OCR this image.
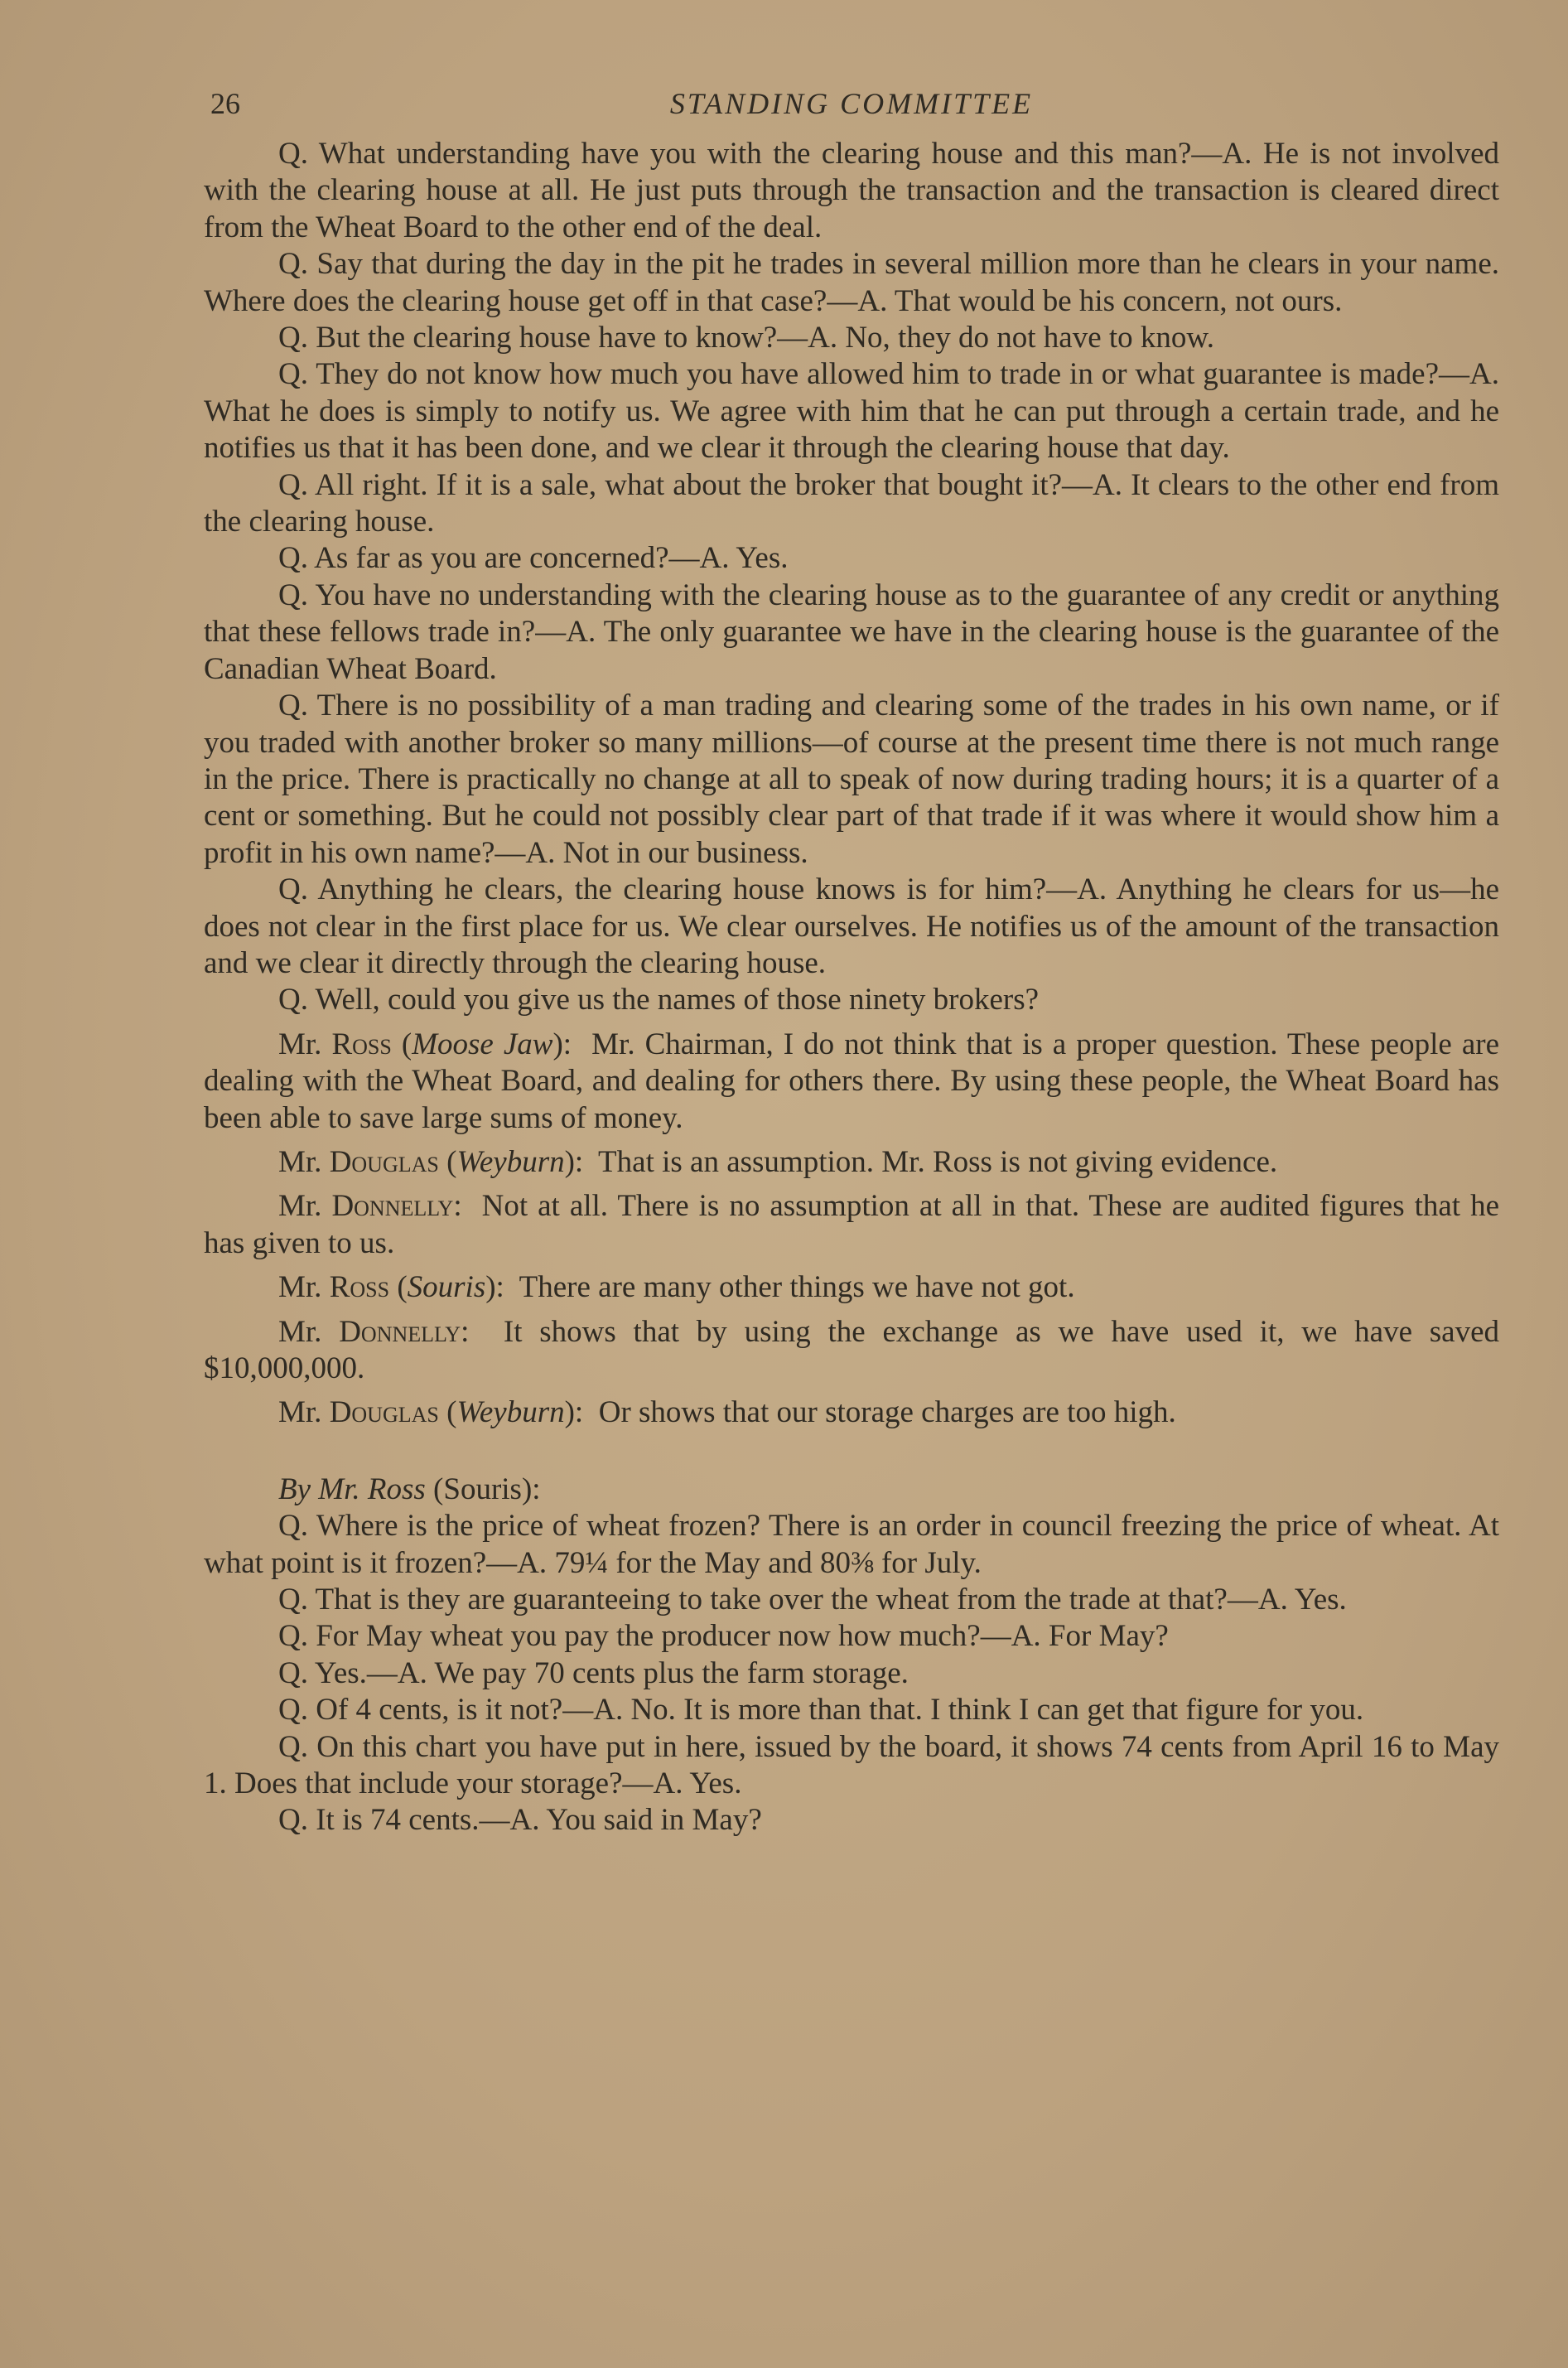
26	STANDING COMMITTEE

Q. What understanding have you with the clearing house and this man?—A. He is not involved with the clearing house at all. He just puts through the transaction and the transaction is cleared direct from the Wheat Board to the other end of the deal.

Q. Say that during the day in the pit he trades in several million more than he clears in your name. Where does the clearing house get off in that case?—A. That would be his concern, not ours.

Q. But the clearing house have to know?—A. No, they do not have to know.

Q. They do not know how much you have allowed him to trade in or what guarantee is made?—A. What he does is simply to notify us. We agree with him that he can put through a certain trade, and he notifies us that it has been done, and we clear it through the clearing house that day.

Q. All right. If it is a sale, what about the broker that bought it?—A. It clears to the other end from the clearing house.

Q. As far as you are concerned?—A. Yes.

Q. You have no understanding with the clearing house as to the guarantee of any credit or anything that these fellows trade in?—A. The only guarantee we have in the clearing house is the guarantee of the Canadian Wheat Board.

Q. There is no possibility of a man trading and clearing some of the trades in his own name, or if you traded with another broker so many millions—of course at the present time there is not much range in the price. There is practically no change at all to speak of now during trading hours; it is a quarter of a cent or something. But he could not possibly clear part of that trade if it was where it would show him a profit in his own name?—A. Not in our business.

Q. Anything he clears, the clearing house knows is for him?—A. Anything he clears for us—he does not clear in the first place for us. We clear ourselves. He notifies us of the amount of the transaction and we clear it directly through the clearing house.

Q. Well, could you give us the names of those ninety brokers?

Mr. Ross (Moose Jaw):  Mr. Chairman, I do not think that is a proper question. These people are dealing with the Wheat Board, and dealing for others there. By using these people, the Wheat Board has been able to save large sums of money.

Mr. Douglas (Weyburn):  That is an assumption. Mr. Ross is not giving evidence.

Mr. Donnelly:  Not at all. There is no assumption at all in that. These are audited figures that he has given to us.

Mr. Ross (Souris):  There are many other things we have not got.

Mr. Donnelly:  It shows that by using the exchange as we have used it, we have saved $10,000,000.

Mr. Douglas (Weyburn):  Or shows that our storage charges are too high.

By Mr. Ross (Souris):

Q. Where is the price of wheat frozen? There is an order in council freezing the price of wheat. At what point is it frozen?—A. 79¼ for the May and 80⅜ for July.

Q. That is they are guaranteeing to take over the wheat from the trade at that?—A. Yes.

Q. For May wheat you pay the producer now how much?—A. For May?

Q. Yes.—A. We pay 70 cents plus the farm storage.

Q. Of 4 cents, is it not?—A. No. It is more than that. I think I can get that figure for you.

Q. On this chart you have put in here, issued by the board, it shows 74 cents from April 16 to May 1. Does that include your storage?—A. Yes.

Q. It is 74 cents.—A. You said in May?
